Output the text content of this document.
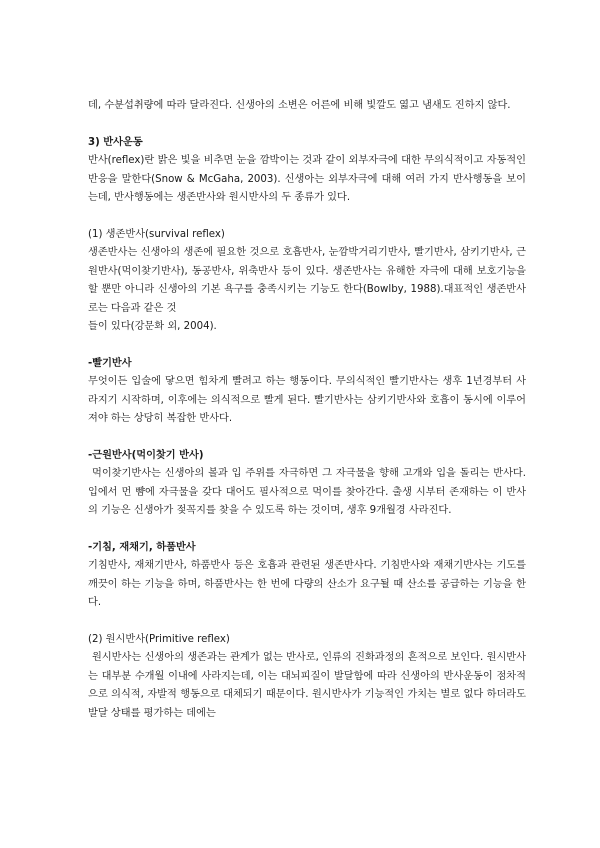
데, 수분섭취량에 따라 달라진다. 신생아의 소변은 어른에 비해 빛깔도 엷고 냄새도 진하지 않다.

3) 반사운동

반사(reflex)란 밝은 빛을 비추면 눈을 깜박이는 것과 같이 외부자극에 대한 무의식적이고 자동적인 반응을 말한다(Snow & McGaha, 2003). 신생아는 외부자극에 대해 여러 가지 반사행동을 보이는데, 반사행동에는 생존반사와 원시반사의 두 종류가 있다.

(1) 생존반사(survival reflex)

생존반사는 신생아의 생존에 필요한 것으로 호흡반사, 눈깜박거리기반사, 빨기반사, 삼키기반사, 근원반사(먹이찾기반사), 동공반사, 위축반사 등이 있다. 생존반사는 유해한 자극에 대해 보호기능을 할 뿐만 아니라 신생아의 기본 욕구를 충족시키는 기능도 한다(Bowlby, 1988).대표적인 생존반사로는 다음과 같은 것

들이 있다(강문화 외, 2004).

-빨기반사

무엇이든 입술에 닿으면 힘차게 빨려고 하는 행동이다. 무의식적인 빨기반사는 생후 1년경부터 사라지기 시작하며, 이후에는 의식적으로 빨게 된다. 빨기반사는 삼키기반사와 호흡이 동시에 이루어져야 하는 상당히 복잡한 반사다.

-근원반사(먹이찾기 반사)

먹이찾기반사는 신생아의 볼과 입 주위를 자극하면 그 자극물을 향해 고개와 입을 돌리는 반사다. 입에서 먼 뺨에 자극물을 갖다 대어도 필사적으로 먹이를 찾아간다. 출생 시부터 존재하는 이 반사의 기능은 신생아가 젖꼭지를 찾을 수 있도록 하는 것이며, 생후 9개월경 사라진다.

-기침, 재채기, 하품반사

기침반사, 재채기반사, 하품반사 등은 호흡과 관련된 생존반사다. 기침반사와 재채기반사는 기도를 깨끗이 하는 기능을 하며, 하품반사는 한 번에 다량의 산소가 요구될 때 산소를 공급하는 기능을 한다.

(2) 원시반사(Primitive reflex)

원시반사는 신생아의 생존과는 관계가 없는 반사로, 인류의 진화과정의 흔적으로 보인다. 원시반사는 대부분 수개월 이내에 사라지는데, 이는 대뇌피질이 발달함에 따라 신생아의 반사운동이 점차적으로 의식적, 자발적 행동으로 대체되기 때문이다. 원시반사가 기능적인 가치는 별로 없다 하더라도 발달 상태를 평가하는 데에는
